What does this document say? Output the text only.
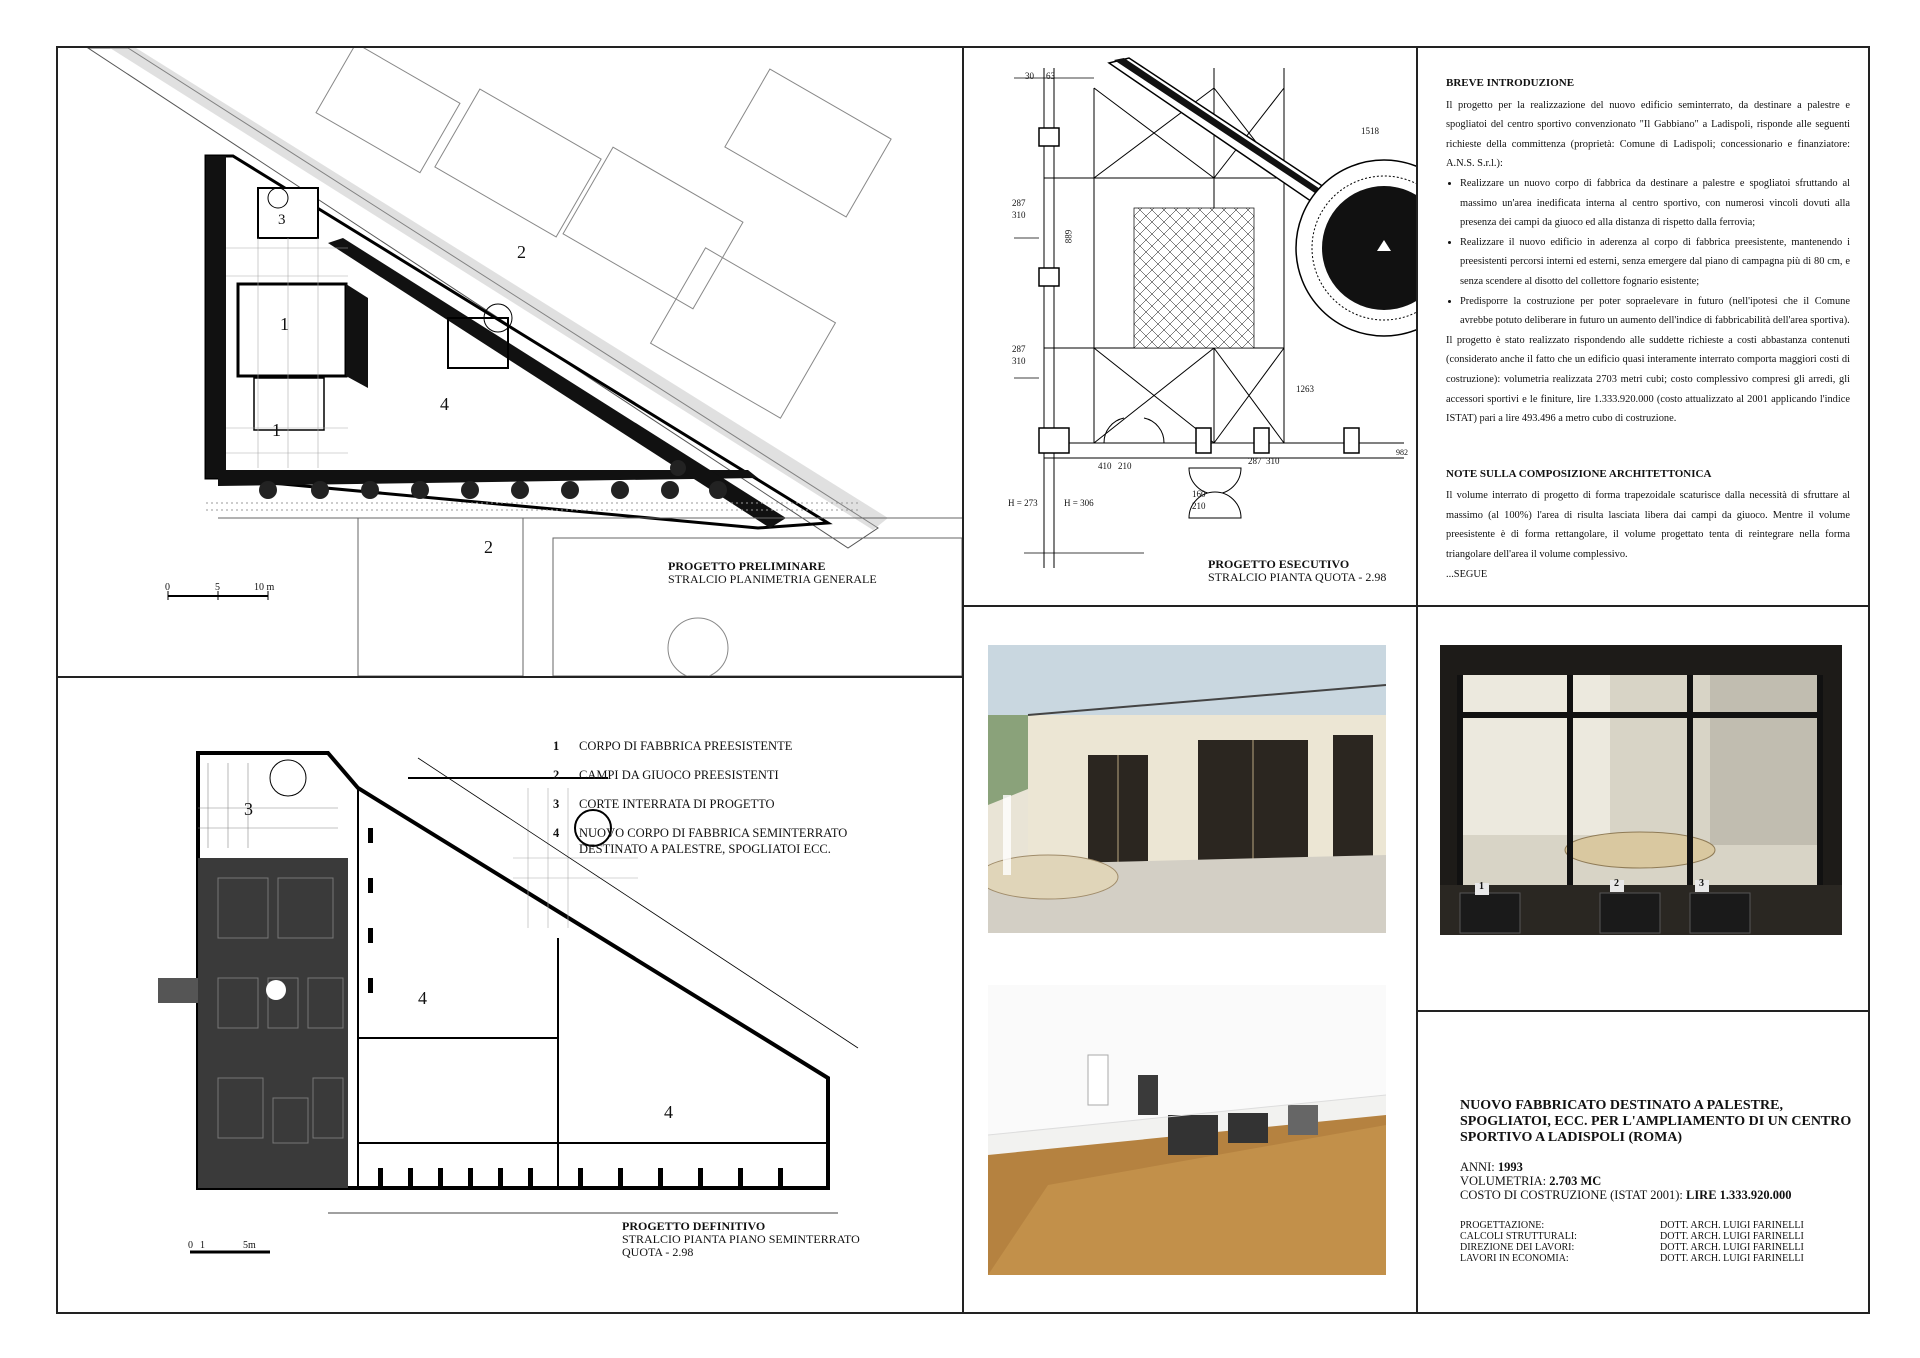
0	5	10 m
1
1
2
2
3
4
PROGETTO PRELIMINARE
STRALCIO PLANIMETRIA GENERALE
30 63
287
310
889
287
310
1263
410 210
160
210
287 310
H = 273	H = 306
982
1518
PROGETTO ESECUTIVO
STRALCIO PIANTA QUOTA - 2.98
BREVE INTRODUZIONE

Il progetto per la realizzazione del nuovo edificio seminterrato, da destinare a palestre e spogliatoi del centro sportivo convenzionato "Il Gabbiano" a Ladispoli, risponde alle seguenti richieste della committenza (proprietà: Comune di Ladispoli; concessionario e finanziatore: A.N.S. S.r.l.):

• Realizzare un nuovo corpo di fabbrica da destinare a palestre e spogliatoi sfruttando al massimo un'area inedificata interna al centro sportivo, con numerosi vincoli dovuti alla presenza dei campi da giuoco ed alla distanza di rispetto dalla ferrovia;
• Realizzare il nuovo edificio in aderenza al corpo di fabbrica preesistente, mantenendo i preesistenti percorsi interni ed esterni, senza emergere dal piano di campagna più di 80 cm, e senza scendere al disotto del collettore fognario esistente;
• Predisporre la costruzione per poter sopraelevare in futuro (nell'ipotesi che il Comune avrebbe potuto deliberare in futuro un aumento dell'indice di fabbricabilità dell'area sportiva).

Il progetto è stato realizzato rispondendo alle suddette richieste a costi abbastanza contenuti (considerato anche il fatto che un edificio quasi interamente interrato comporta maggiori costi di costruzione): volumetria realizzata 2703 metri cubi; costo complessivo compresi gli arredi, gli accessori sportivi e le finiture, lire 1.333.920.000 (costo attualizzato al 2001 applicando l'indice ISTAT) pari a lire 493.496 a metro cubo di costruzione.

NOTE SULLA COMPOSIZIONE ARCHITETTONICA

Il volume interrato di progetto di forma trapezoidale scaturisce dalla necessità di sfruttare al massimo (al 100%) l'area di risulta lasciata libera dai campi da giuoco. Mentre il volume preesistente è di forma rettangolare, il volume progettato tenta di reintegrare nella forma triangolare dell'area il volume complessivo.

...SEGUE

1
3
4
4
0 1	5m
PROGETTO DEFINITIVO
STRALCIO PIANTA PIANO SEMINTERRATO
QUOTA - 2.98
1	CORPO DI FABBRICA PREESISTENTE
2	CAMPI DA GIUOCO PREESISTENTI
3	CORTE INTERRATA DI PROGETTO
4	NUOVO CORPO DI FABBRICA SEMINTERRATO DESTINATO A PALESTRE, SPOGLIATOI ECC.
1	2	3
NUOVO FABBRICATO DESTINATO A PALESTRE, SPOGLIATOI, ECC. PER L'AMPLIAMENTO DI UN CENTRO SPORTIVO A LADISPOLI (ROMA)
ANNI: 1993
VOLUMETRIA: 2.703 MC
COSTO DI COSTRUZIONE (ISTAT 2001): LIRE 1.333.920.000
PROGETTAZIONE:	DOTT. ARCH. LUIGI FARINELLI
CALCOLI STRUTTURALI:	DOTT. ARCH. LUIGI FARINELLI
DIREZIONE DEI LAVORI:	DOTT. ARCH. LUIGI FARINELLI
LAVORI IN ECONOMIA:	DOTT. ARCH. LUIGI FARINELLI
